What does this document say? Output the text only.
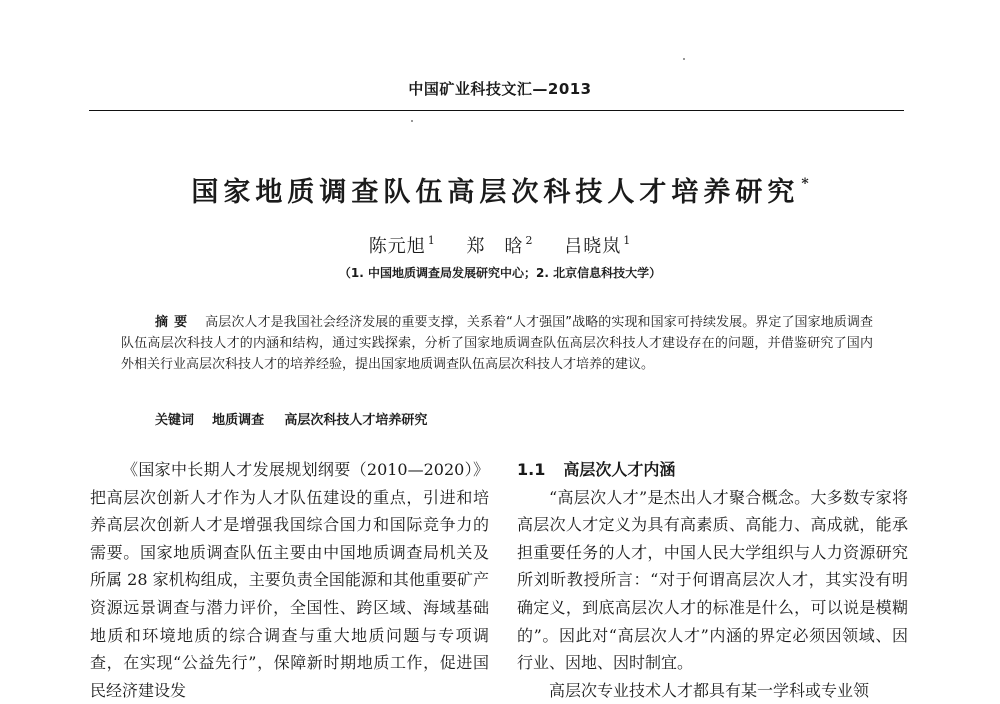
中国矿业科技文汇—2013
国家地质调查队伍高层次科技人才培养研究 *
陈元旭 $^1$ 郑　晗 $^2$ 吕晓岚 $^1$
（1. 中国地质调查局发展研究中心；2. 北京信息科技大学）
摘要 高层次人才是我国社会经济发展的重要支撑，关系着“人才强国”战略的实现和国家可持续发展。界定了国家地质调查队伍高层次科技人才的内涵和结构，通过实践探索，分析了国家地质调查队伍高层次科技人才建设存在的问题，并借鉴研究了国内外相关行业高层次科技人才的培养经验，提出国家地质调查队伍高层次科技人才培养的建议。
关键词 地质调查 高层次科技人才培养研究

《国家中长期人才发展规划纲要（2010—2020）》把高层次创新人才作为人才队伍建设的重点，引进和培养高层次创新人才是增强我国综合国力和国际竞争力的需要。国家地质调查队伍主要由中国地质调查局机关及所属 28 家机构组成，主要负责全国能源和其他重要矿产资源远景调查与潜力评价，全国性、跨区域、海域基础地质和环境地质的综合调查与重大地质问题与专项调查，在实现“公益先行”，保障新时期地质工作，促进国民经济建设发

1.1 高层次人才内涵

“高层次人才”是杰出人才聚合概念。大多数专家将高层次人才定义为具有高素质、高能力、高成就，能承担重要任务的人才，中国人民大学组织与人力资源研究所刘昕教授所言：“对于何谓高层次人才，其实没有明确定义，到底高层次人才的标准是什么，可以说是模糊的”。因此对“高层次人才”内涵的界定必须因领域、因行业、因地、因时制宜。

高层次专业技术人才都具有某一学科或专业领
